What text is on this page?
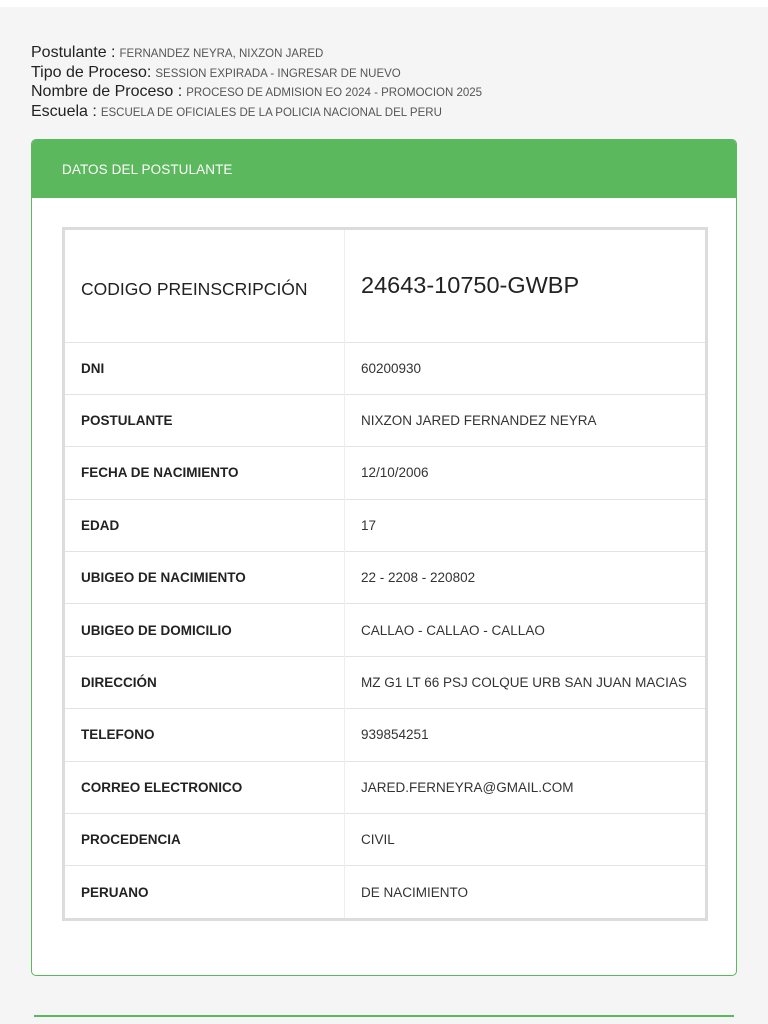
Postulante : FERNANDEZ NEYRA, NIXZON JARED
Tipo de Proceso: SESSION EXPIRADA - INGRESAR DE NUEVO
Nombre de Proceso : PROCESO DE ADMISION EO 2024 - PROMOCION 2025
Escuela : ESCUELA DE OFICIALES DE LA POLICIA NACIONAL DEL PERU
DATOS DEL POSTULANTE
CODIGO PREINSCRIPCIÓN	24643-10750-GWBP
DNI	60200930
POSTULANTE	NIXZON JARED FERNANDEZ NEYRA
FECHA DE NACIMIENTO	12/10/2006
EDAD	17
UBIGEO DE NACIMIENTO	22 - 2208 - 220802
UBIGEO DE DOMICILIO	CALLAO - CALLAO - CALLAO
DIRECCIÓN	MZ G1 LT 66 PSJ COLQUE URB SAN JUAN MACIAS
TELEFONO	939854251
CORREO ELECTRONICO	JARED.FERNEYRA@GMAIL.COM
PROCEDENCIA	CIVIL
PERUANO	DE NACIMIENTO
